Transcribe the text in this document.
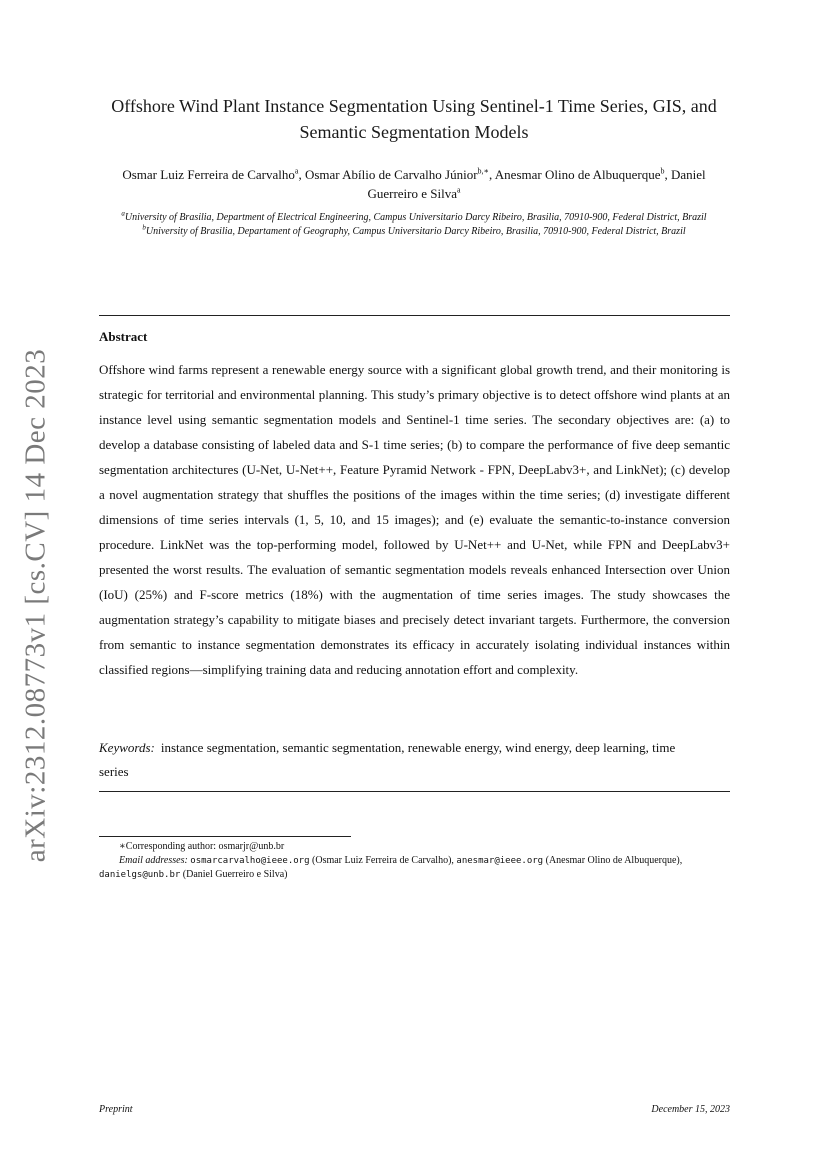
arXiv:2312.08773v1 [cs.CV] 14 Dec 2023
Offshore Wind Plant Instance Segmentation Using Sentinel-1 Time Series, GIS, and Semantic Segmentation Models
Osmar Luiz Ferreira de Carvalho$^a$, Osmar Abílio de Carvalho Júnior$^{b,∗}$, Anesmar Olino de Albuquerque$^b$, Daniel Guerreiro e Silva$^a$

$^a$University of Brasilia, Department of Electrical Engineering, Campus Universitario Darcy Ribeiro, Brasilia, 70910-900, Federal District, Brazil

$^b$University of Brasilia, Departament of Geography, Campus Universitario Darcy Ribeiro, Brasilia, 70910-900, Federal District, Brazil

Abstract

Offshore wind farms represent a renewable energy source with a significant global growth trend, and their monitoring is strategic for territorial and environmental planning. This study’s primary objective is to detect offshore wind plants at an instance level using semantic segmentation models and Sentinel-1 time series. The secondary objectives are: (a) to develop a database consisting of labeled data and S-1 time series; (b) to compare the performance of five deep semantic segmentation architectures (U-Net, U-Net++, Feature Pyramid Network - FPN, DeepLabv3+, and LinkNet); (c) develop a novel augmentation strategy that shuffles the positions of the images within the time series; (d) investigate different dimensions of time series intervals (1, 5, 10, and 15 images); and (e) evaluate the semantic-to-instance conversion procedure. LinkNet was the top-performing model, followed by U-Net++ and U-Net, while FPN and DeepLabv3+ presented the worst results. The evaluation of semantic segmentation models reveals enhanced Intersection over Union (IoU) (25%) and F-score metrics (18%) with the augmentation of time series images. The study showcases the augmentation strategy’s capability to mitigate biases and precisely detect invariant targets. Furthermore, the conversion from semantic to instance segmentation demonstrates its efficacy in accurately isolating individual instances within classified regions—simplifying training data and reducing annotation effort and complexity.

Keywords: instance segmentation, semantic segmentation, renewable energy, wind energy, deep learning, time series

∗Corresponding author: osmarjr@unb.br

Email addresses: osmarcarvalho@ieee.org (Osmar Luiz Ferreira de Carvalho), anesmar@ieee.org (Anesmar Olino de Albuquerque), danielgs@unb.br (Daniel Guerreiro e Silva)

Preprint	December 15, 2023
